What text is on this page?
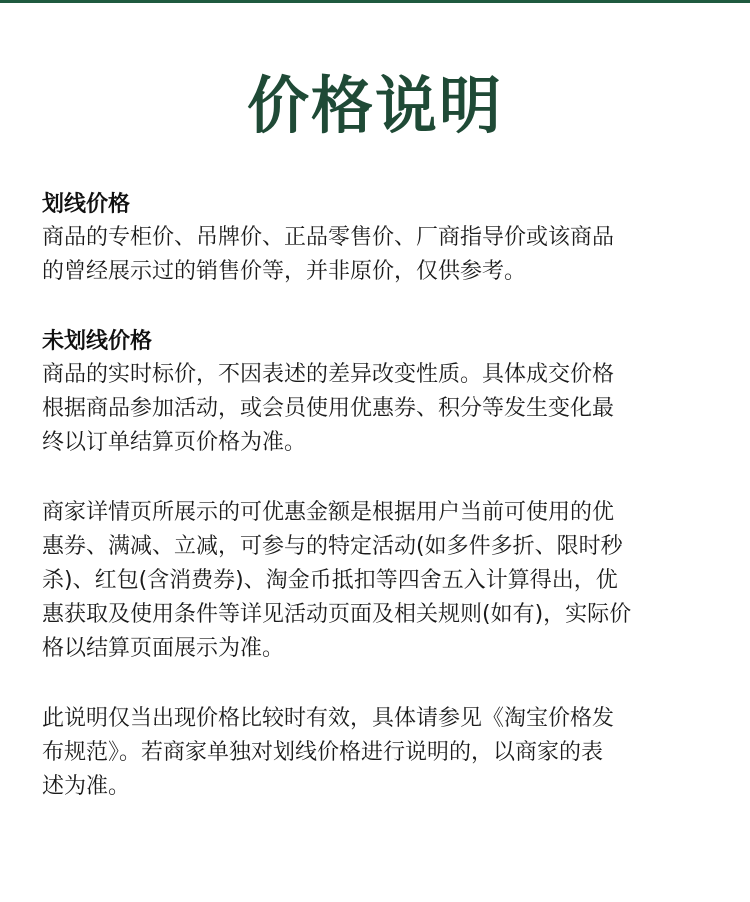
价格说明
划线价格

商品的专柜价、吊牌价、正品零售价、厂商指导价或该商品
的曾经展示过的销售价等，并非原价，仅供参考。

未划线价格

商品的实时标价，不因表述的差异改变性质。具体成交价格
根据商品参加活动，或会员使用优惠券、积分等发生变化最
终以订单结算页价格为准。

商家详情页所展示的可优惠金额是根据用户当前可使用的优
惠券、满减、立减，可参与的特定活动(如多件多折、限时秒
杀)、红包(含消费券)、淘金币抵扣等四舍五入计算得出，优
惠获取及使用条件等详见活动页面及相关规则(如有)，实际价
格以结算页面展示为准。

此说明仅当出现价格比较时有效，具体请参见《淘宝价格发
布规范》。若商家单独对划线价格进行说明的，以商家的表
述为准。
